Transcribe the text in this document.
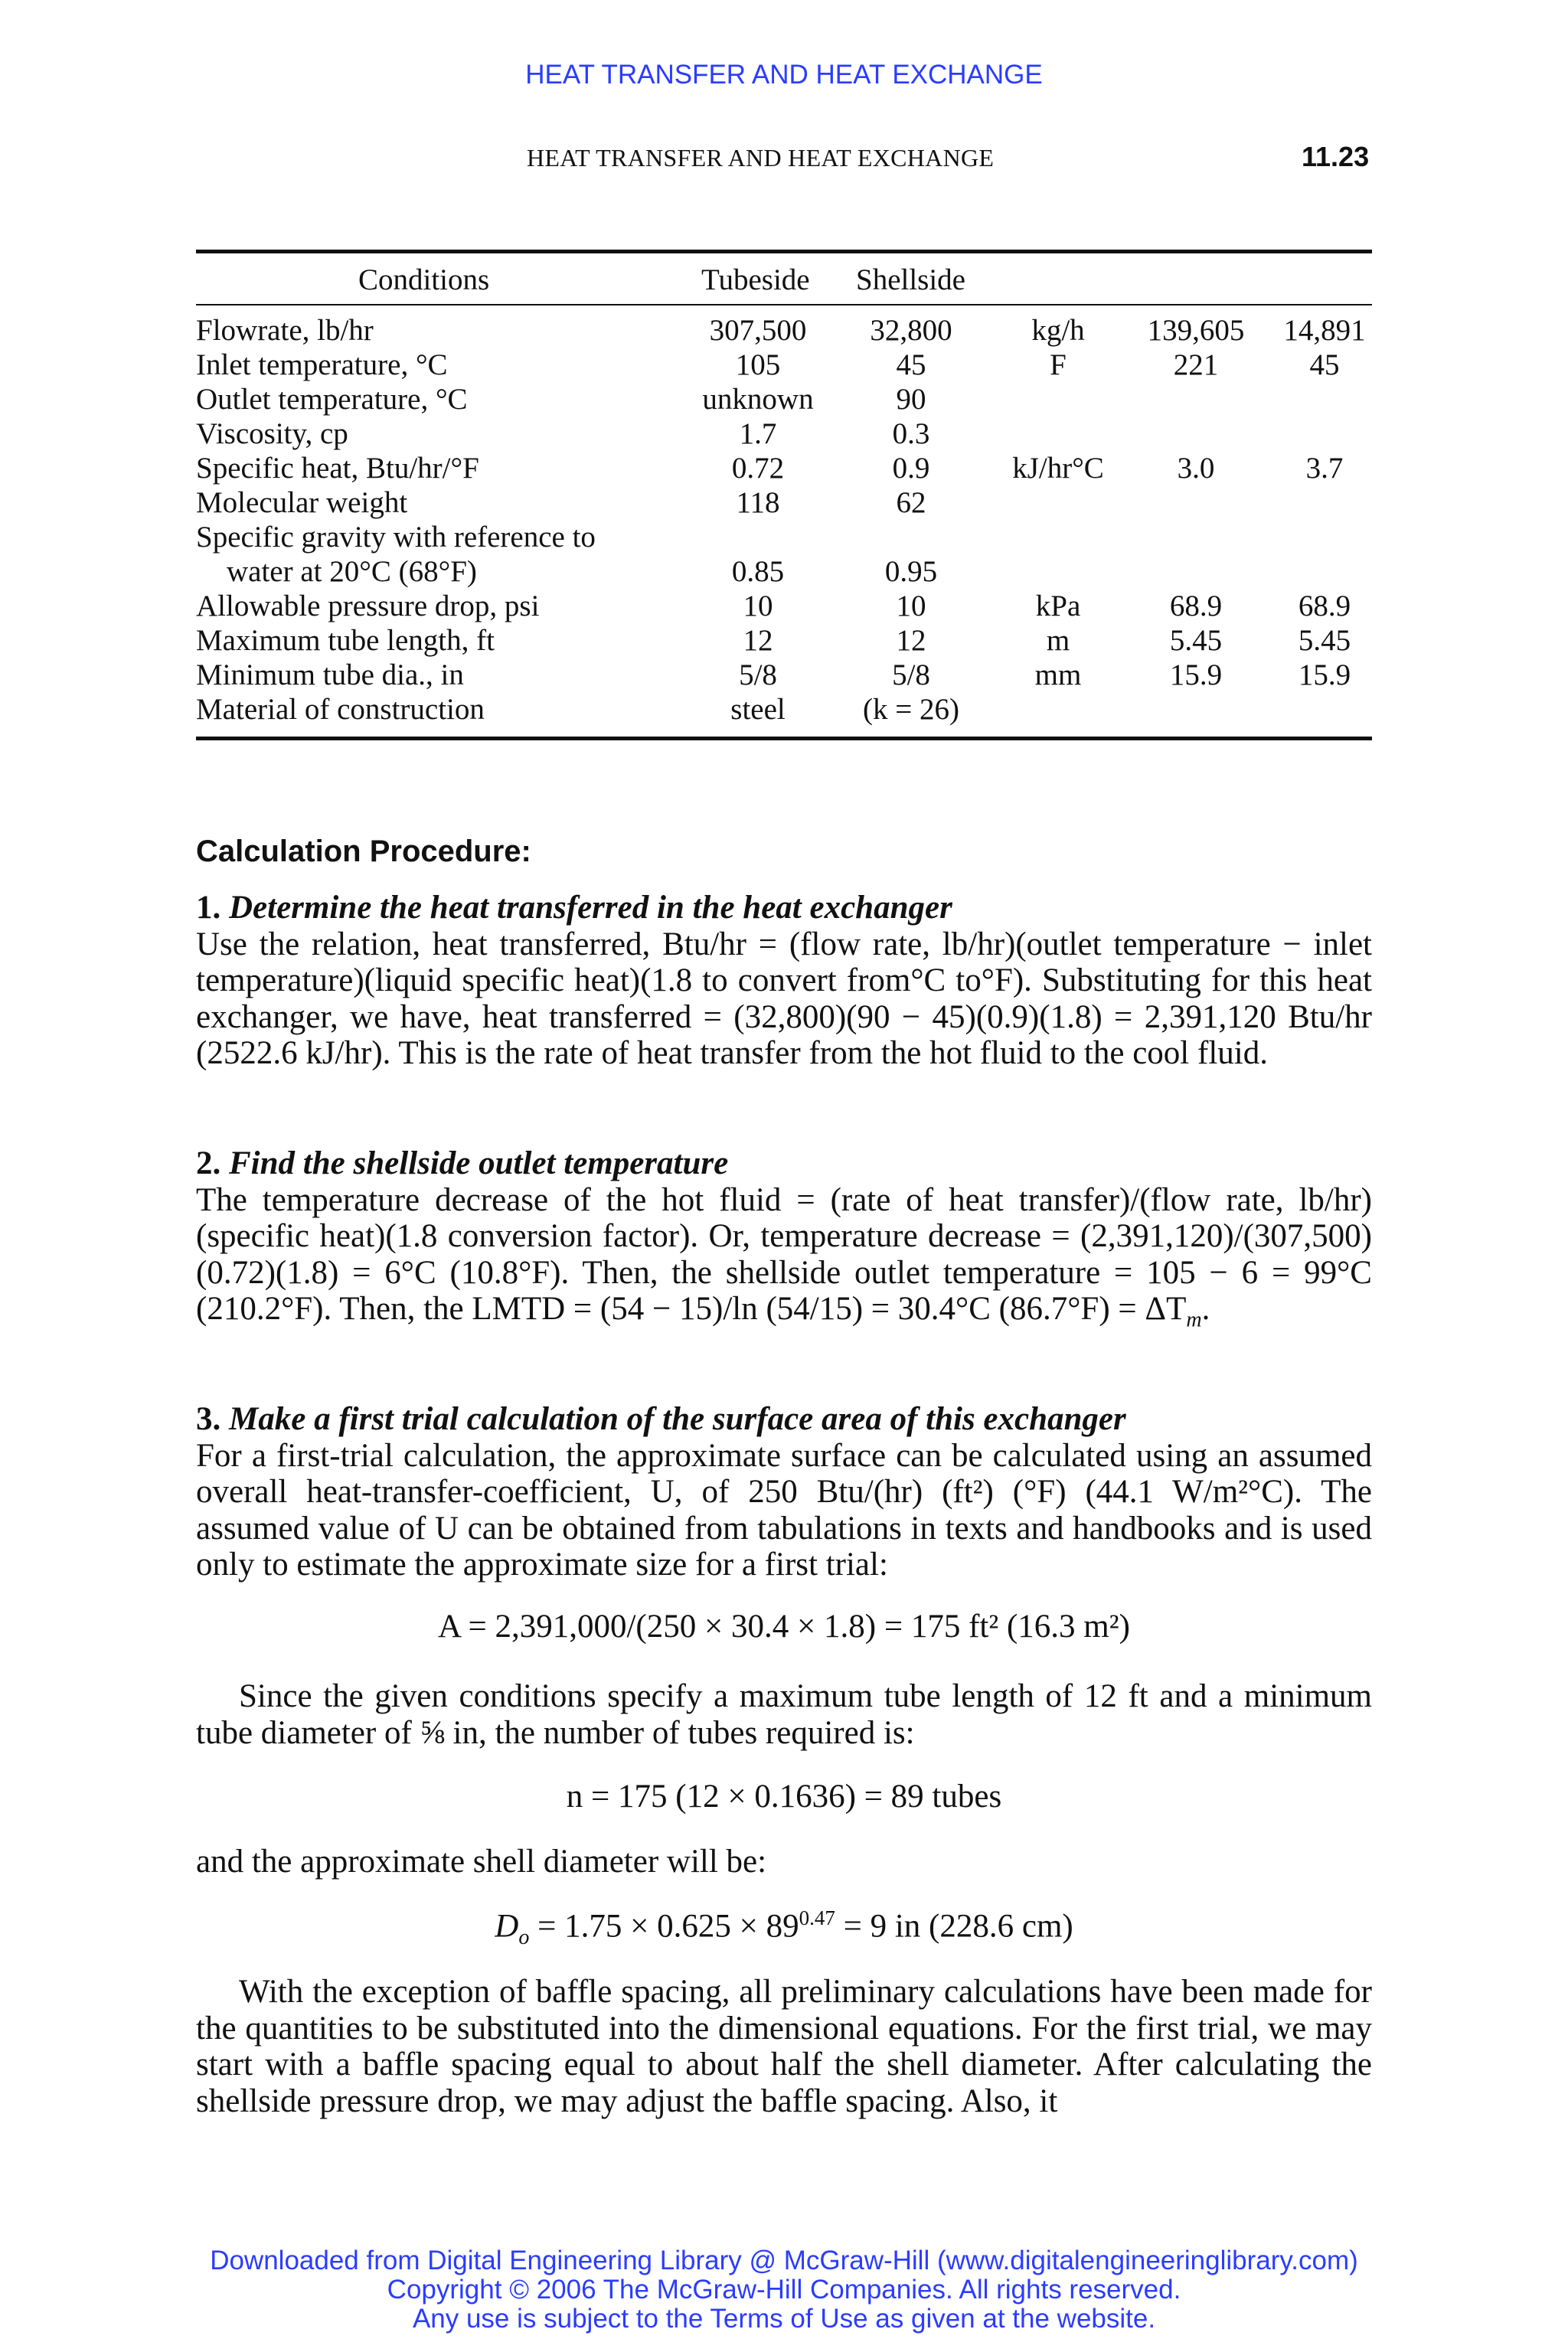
HEAT TRANSFER AND HEAT EXCHANGE
HEAT TRANSFER AND HEAT EXCHANGE	11.23
Conditions	Tubeside Shellside
Flowrate, lb/hr	307,500	32,800	kg/h	139,605	14,891
Inlet temperature, °C	105	45	F	221	45
Outlet temperature, °C	unknown	90
Viscosity, cp	1.7	0.3
Specific heat, Btu/hr/°F	0.72	0.9	kJ/hr°C	3.0	3.7
Molecular weight	118	62
Specific gravity with reference to
water at 20°C (68°F)	0.85	0.95
Allowable pressure drop, psi	10	10	kPa	68.9	68.9
Maximum tube length, ft	12	12	m	5.45	5.45
Minimum tube dia., in	5/8	5/8	mm	15.9	15.9
Material of construction	steel	(k = 26)
Calculation Procedure:
1. Determine the heat transferred in the heat exchanger

Use the relation, heat transferred, Btu/hr = (flow rate, lb/hr)(outlet temperature − inlet temperature)(liquid specific heat)(1.8 to convert from°C to°F). Substituting for this heat exchanger, we have, heat transferred = (32,800)(90 − 45)(0.9)(1.8) = 2,391,120 Btu/hr (2522.6 kJ/hr). This is the rate of heat transfer from the hot fluid to the cool fluid.

2. Find the shellside outlet temperature

The temperature decrease of the hot fluid = (rate of heat transfer)/(flow rate, lb/hr)(specific heat)(1.8 conversion factor). Or, temperature decrease = (2,391,120)/(307,500)(0.72)(1.8) = 6°C (10.8°F). Then, the shellside outlet temperature = 105 − 6 = 99°C (210.2°F). Then, the LMTD = (54 − 15)/ln (54/15) = 30.4°C $(86.7^\circ F) = \Delta T_m$.

3. Make a first trial calculation of the surface area of this exchanger

For a first-trial calculation, the approximate surface can be calculated using an assumed overall heat-transfer-coefficient, U, of 250 Btu/(hr) (ft²) (°F) (44.1 W/m²°C). The assumed value of U can be obtained from tabulations in texts and handbooks and is used only to estimate the approximate size for a first trial:

A = 2,391,000/(250 × 30.4 × 1.8) = 175 ft² (16.3 m²)
Since the given conditions specify a maximum tube length of 12 ft and a minimum tube diameter of ⅝ in, the number of tubes required is:
n = 175 (12 × 0.1636) = 89 tubes
and the approximate shell diameter will be:
$D_o = 1.75 \times 0.625 \times 89^{0.47} = 9$ in (228.6 cm)
With the exception of baffle spacing, all preliminary calculations have been made for the quantities to be substituted into the dimensional equations. For the first trial, we may start with a baffle spacing equal to about half the shell diameter. After calculating the shellside pressure drop, we may adjust the baffle spacing. Also, it
Downloaded from Digital Engineering Library @ McGraw-Hill (www.digitalengineeringlibrary.com)
Copyright © 2006 The McGraw-Hill Companies. All rights reserved.
Any use is subject to the Terms of Use as given at the website.
